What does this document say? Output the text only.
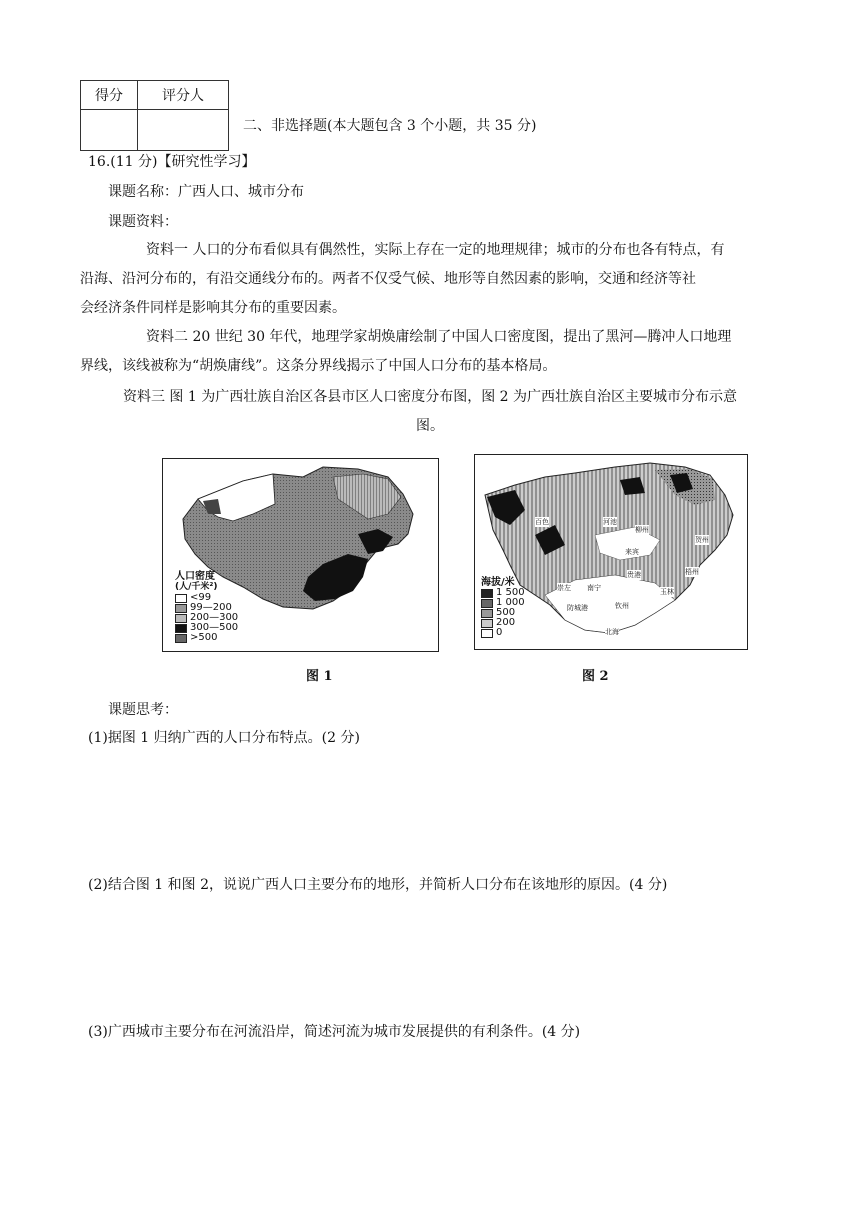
得分	评分人

二、非选择题(本大题包含 3 个小题，共 35 分)
16.(11 分)【研究性学习】
课题名称：广西人口、城市分布
课题资料：
资料一 人口的分布看似具有偶然性，实际上存在一定的地理规律；城市的分布也各有特点，有
沿海、沿河分布的，有沿交通线分布的。两者不仅受气候、地形等自然因素的影响，交通和经济等社
会经济条件同样是影响其分布的重要因素。
资料二 20 世纪 30 年代，地理学家胡焕庸绘制了中国人口密度图，提出了黑河—腾冲人口地理
界线，该线被称为“胡焕庸线”。这条分界线揭示了中国人口分布的基本格局。
资料三 图 1 为广西壮族自治区各县市区人口密度分布图，图 2 为广西壮族自治区主要城市分布示意
图。
人口密度
(人/千米²)
<99
99—200
200—300
300—500
>500
图 1
海拔/米
1 500
1 000
500
200
0
百色	河池
柳州
贺州
来宾
梧州
贵港
玉林
南宁
崇左
钦州
防城港
北海
图 2
课题思考：
(1)据图 1 归纳广西的人口分布特点。(2 分)
(2)结合图 1 和图 2，说说广西人口主要分布的地形，并简析人口分布在该地形的原因。(4 分)
(3)广西城市主要分布在河流沿岸，简述河流为城市发展提供的有利条件。(4 分)
